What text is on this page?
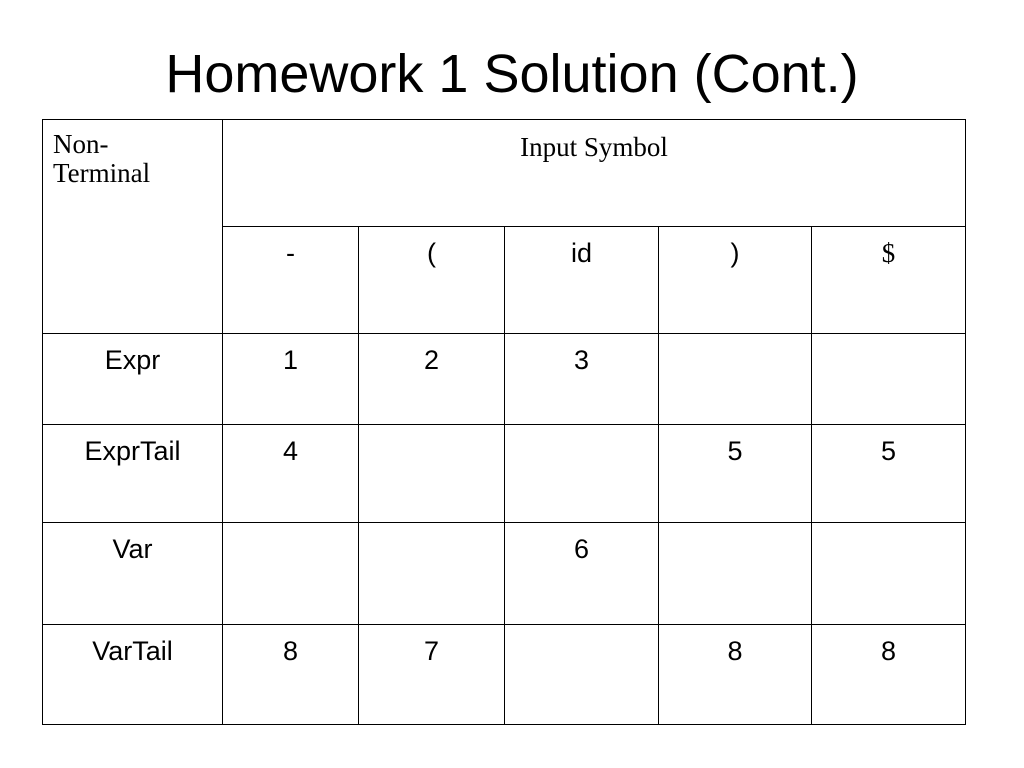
Homework 1 Solution (Cont.)
Non-
Terminal	Input Symbol				
	-	(	id	)	$
Expr	1	2	3		
ExprTail	4			5	5
Var			6		
VarTail	8	7		8	8
